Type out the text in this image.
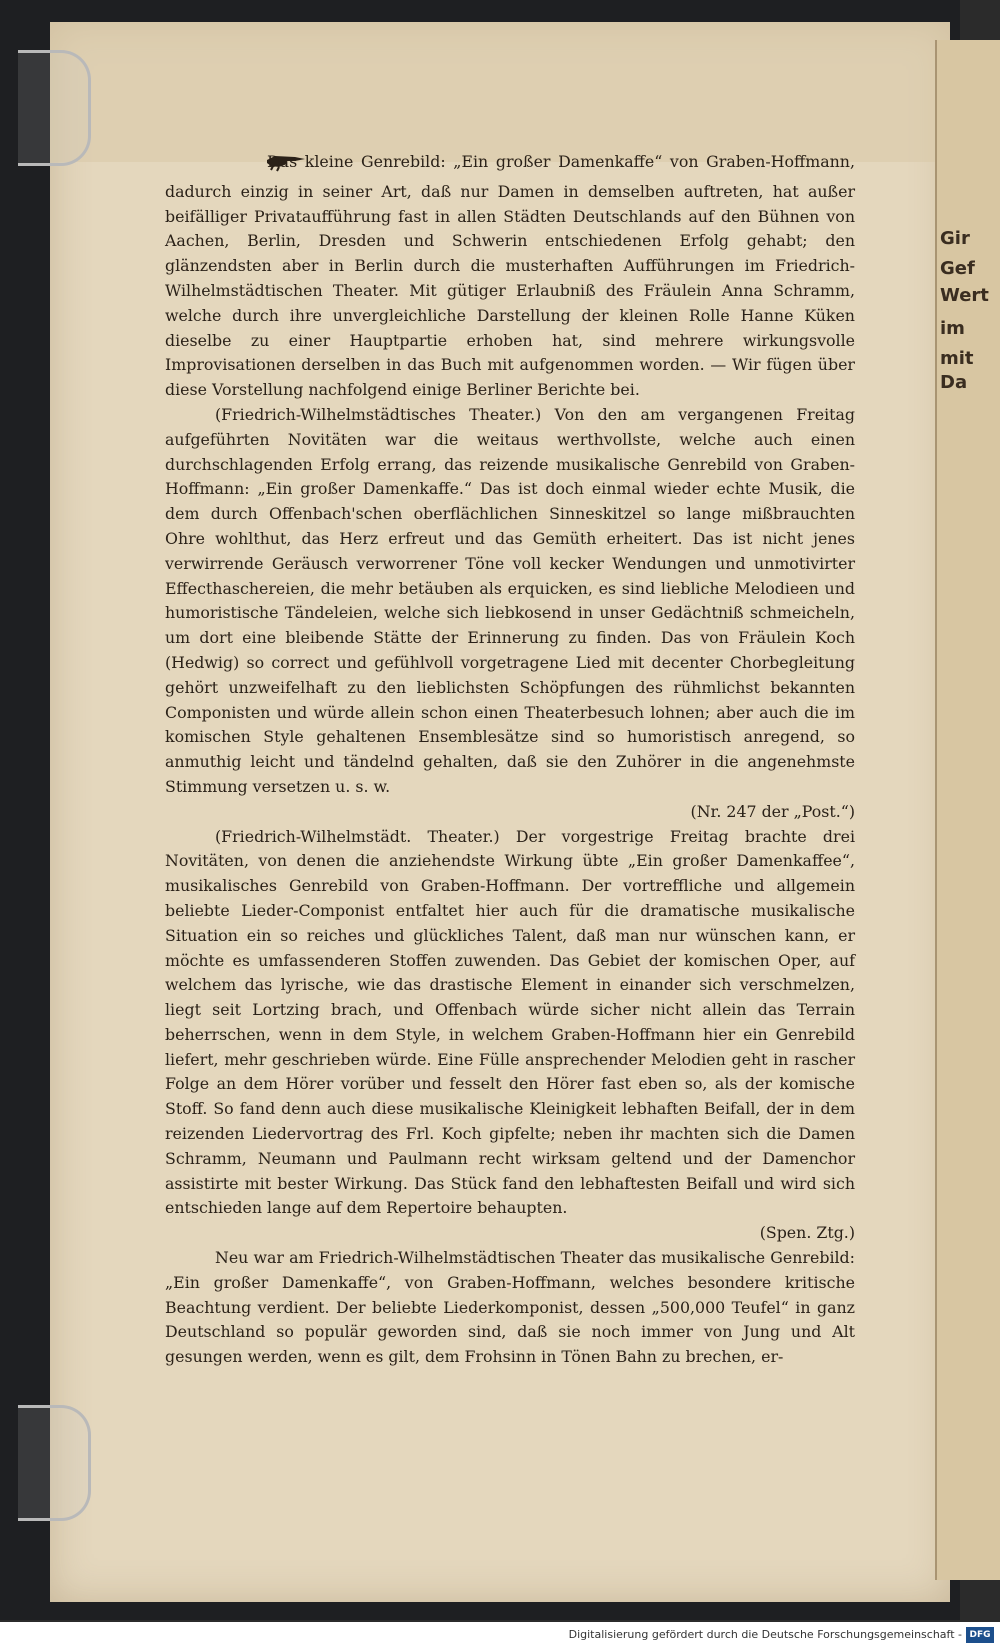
Gir
Gef
Wert
im
mit
Da

Das kleine Genrebild: „Ein großer Damenkaffe“ von Graben-Hoffmann, dadurch einzig in seiner Art, daß nur Damen in demselben auftreten, hat außer beifälliger Privataufführung fast in allen Städten Deutschlands auf den Bühnen von Aachen, Berlin, Dresden und Schwerin entschiedenen Erfolg gehabt; den glänzendsten aber in Berlin durch die musterhaften Aufführungen im Friedrich-Wilhelmstädtischen Theater. Mit gütiger Erlaubniß des Fräulein Anna Schramm, welche durch ihre unvergleichliche Darstellung der kleinen Rolle Hanne Küken dieselbe zu einer Hauptpartie erhoben hat, sind mehrere wirkungsvolle Improvisationen derselben in das Buch mit aufgenommen worden. — Wir fügen über diese Vorstellung nachfolgend einige Berliner Berichte bei.

(Friedrich-Wilhelmstädtisches Theater.) Von den am vergangenen Freitag aufgeführten Novitäten war die weitaus werthvollste, welche auch einen durchschlagenden Erfolg errang, das reizende musikalische Genrebild von Graben-Hoffmann: „Ein großer Damenkaffe.“ Das ist doch einmal wieder echte Musik, die dem durch Offenbach'schen oberflächlichen Sinneskitzel so lange mißbrauchten Ohre wohlthut, das Herz erfreut und das Gemüth erheitert. Das ist nicht jenes verwirrende Geräusch verworrener Töne voll kecker Wendungen und unmotivirter Effecthaschereien, die mehr betäuben als erquicken, es sind liebliche Melodieen und humoristische Tändeleien, welche sich liebkosend in unser Gedächtniß schmeicheln, um dort eine bleibende Stätte der Erinnerung zu finden. Das von Fräulein Koch (Hedwig) so correct und gefühlvoll vorgetragene Lied mit decenter Chorbegleitung gehört unzweifelhaft zu den lieblichsten Schöpfungen des rühmlichst bekannten Componisten und würde allein schon einen Theaterbesuch lohnen; aber auch die im komischen Style gehaltenen Ensemblesätze sind so humoristisch anregend, so anmuthig leicht und tändelnd gehalten, daß sie den Zuhörer in die angenehmste Stimmung versetzen u. s. w.

(Nr. 247 der „Post.“)

(Friedrich-Wilhelmstädt. Theater.) Der vorgestrige Freitag brachte drei Novitäten, von denen die anziehendste Wirkung übte „Ein großer Damenkaffee“, musikalisches Genrebild von Graben-Hoffmann. Der vortreffliche und allgemein beliebte Lieder-Componist entfaltet hier auch für die dramatische musikalische Situation ein so reiches und glückliches Talent, daß man nur wünschen kann, er möchte es umfassenderen Stoffen zuwenden. Das Gebiet der komischen Oper, auf welchem das lyrische, wie das drastische Element in einander sich verschmelzen, liegt seit Lortzing brach, und Offenbach würde sicher nicht allein das Terrain beherrschen, wenn in dem Style, in welchem Graben-Hoffmann hier ein Genrebild liefert, mehr geschrieben würde. Eine Fülle ansprechender Melodien geht in rascher Folge an dem Hörer vorüber und fesselt den Hörer fast eben so, als der komische Stoff. So fand denn auch diese musikalische Kleinigkeit lebhaften Beifall, der in dem reizenden Liedervortrag des Frl. Koch gipfelte; neben ihr machten sich die Damen Schramm, Neumann und Paulmann recht wirksam geltend und der Damenchor assistirte mit bester Wirkung. Das Stück fand den lebhaftesten Beifall und wird sich entschieden lange auf dem Repertoire behaupten.

(Spen. Ztg.)

Neu war am Friedrich-Wilhelmstädtischen Theater das musikalische Genrebild: „Ein großer Damenkaffe“, von Graben-Hoffmann, welches besondere kritische Beachtung verdient. Der beliebte Liederkomponist, dessen „500,000 Teufel“ in ganz Deutschland so populär geworden sind, daß sie noch immer von Jung und Alt gesungen werden, wenn es gilt, dem Frohsinn in Tönen Bahn zu brechen, er-

Digitalisierung gefördert durch die Deutsche Forschungsgemeinschaft - DFG
